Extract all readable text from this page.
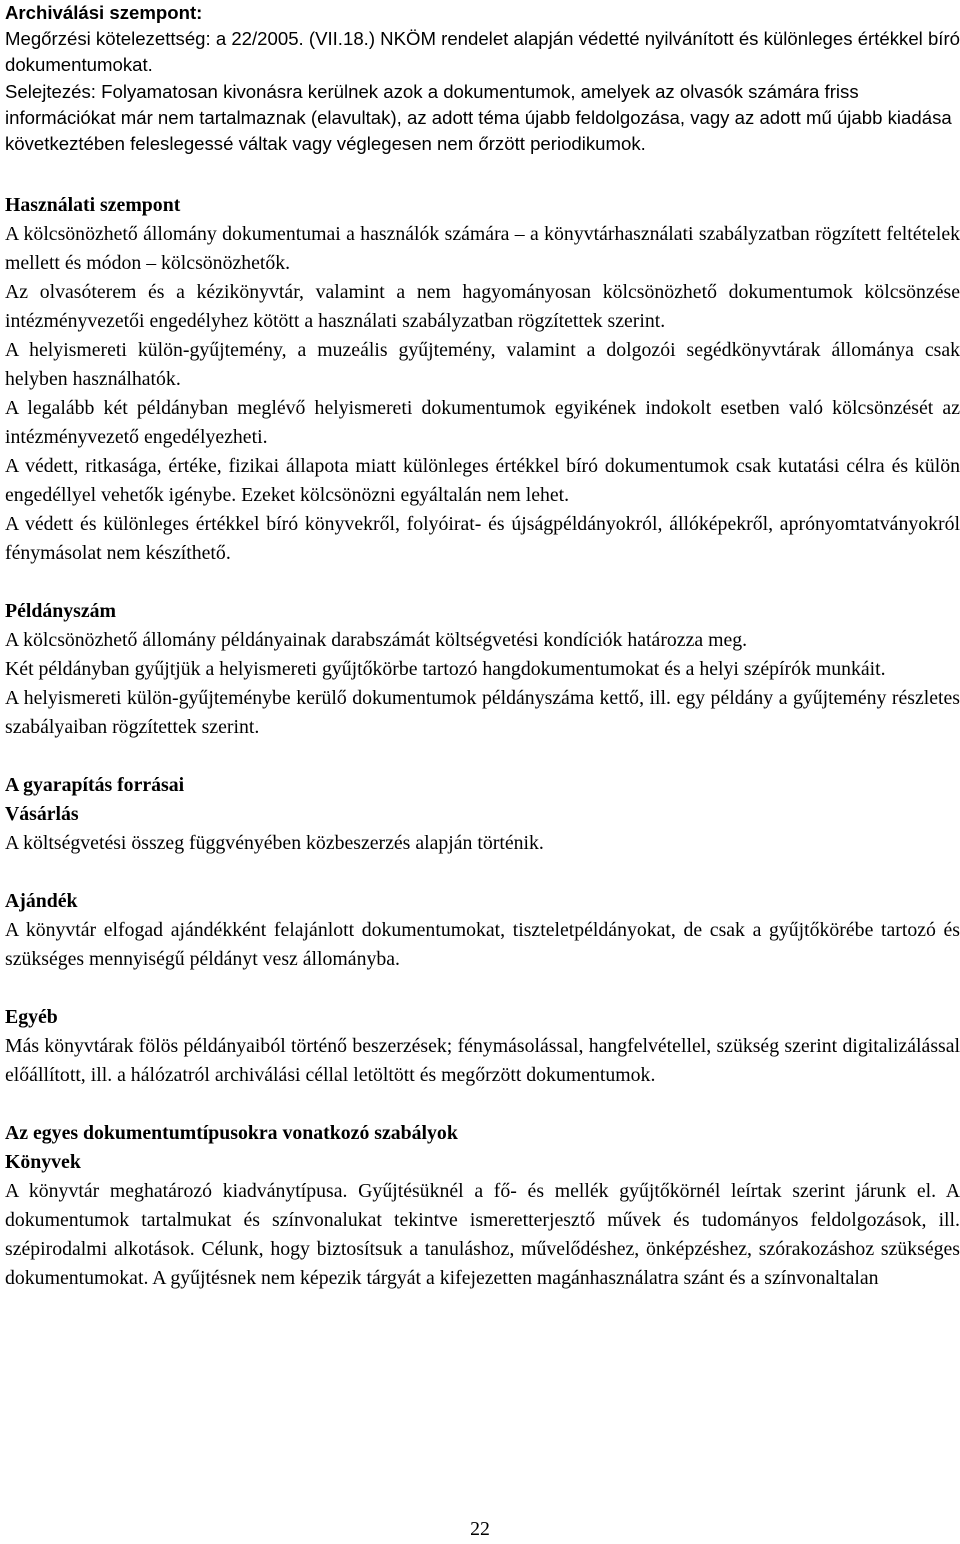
Archiválási szempont:

Megőrzési kötelezettség: a 22/2005. (VII.18.) NKÖM rendelet alapján védetté nyilvánított és különleges értékkel bíró dokumentumokat.

Selejtezés: Folyamatosan kivonásra kerülnek azok a dokumentumok, amelyek az olvasók számára friss információkat már nem tartalmaznak (elavultak), az adott téma újabb feldolgozása, vagy az adott mű újabb kiadása következtében feleslegessé váltak vagy véglegesen nem őrzött periodikumok.

Használati szempont

A kölcsönözhető állomány dokumentumai a használók számára – a könyvtárhasználati szabályzatban rögzített feltételek mellett és módon – kölcsönözhetők.

Az olvasóterem és a kézikönyvtár, valamint a nem hagyományosan kölcsönözhető dokumentumok kölcsönzése intézményvezetői engedélyhez kötött a használati szabályzatban rögzítettek szerint.

A helyismereti külön-gyűjtemény, a muzeális gyűjtemény, valamint a dolgozói segédkönyvtárak állománya csak helyben használhatók.

A legalább két példányban meglévő helyismereti dokumentumok egyikének indokolt esetben való kölcsönzését az intézményvezető engedélyezheti.

A védett, ritkasága, értéke, fizikai állapota miatt különleges értékkel bíró dokumentumok csak kutatási célra és külön engedéllyel vehetők igénybe. Ezeket kölcsönözni egyáltalán nem lehet.

A védett és különleges értékkel bíró könyvekről, folyóirat- és újságpéldányokról, állóképekről, aprónyomtatványokról fénymásolat nem készíthető.

Példányszám

A kölcsönözhető állomány példányainak darabszámát költségvetési kondíciók határozza meg.

Két példányban gyűjtjük a helyismereti gyűjtőkörbe tartozó hangdokumentumokat és a helyi szépírók munkáit.

A helyismereti külön-gyűjteménybe kerülő dokumentumok példányszáma kettő, ill. egy példány a gyűjtemény részletes szabályaiban rögzítettek szerint.

A gyarapítás forrásai

Vásárlás

A költségvetési összeg függvényében közbeszerzés alapján történik.

Ajándék

A könyvtár elfogad ajándékként felajánlott dokumentumokat, tiszteletpéldányokat, de csak a gyűjtőkörébe tartozó és szükséges mennyiségű példányt vesz állományba.

Egyéb

Más könyvtárak fölös példányaiból történő beszerzések; fénymásolással, hangfelvétellel, szükség szerint digitalizálással előállított, ill. a hálózatról archiválási céllal letöltött és megőrzött dokumentumok.

Az egyes dokumentumtípusokra vonatkozó szabályok

Könyvek

A könyvtár meghatározó kiadványtípusa. Gyűjtésüknél a fő- és mellék gyűjtőkörnél leírtak szerint járunk el. A dokumentumok tartalmukat és színvonalukat tekintve ismeretterjesztő művek és tudományos feldolgozások, ill. szépirodalmi alkotások. Célunk, hogy biztosítsuk a tanuláshoz, művelődéshez, önképzéshez, szórakozáshoz szükséges dokumentumokat. A gyűjtésnek nem képezik tárgyát a kifejezetten magánhasználatra szánt és a színvonaltalan

22
